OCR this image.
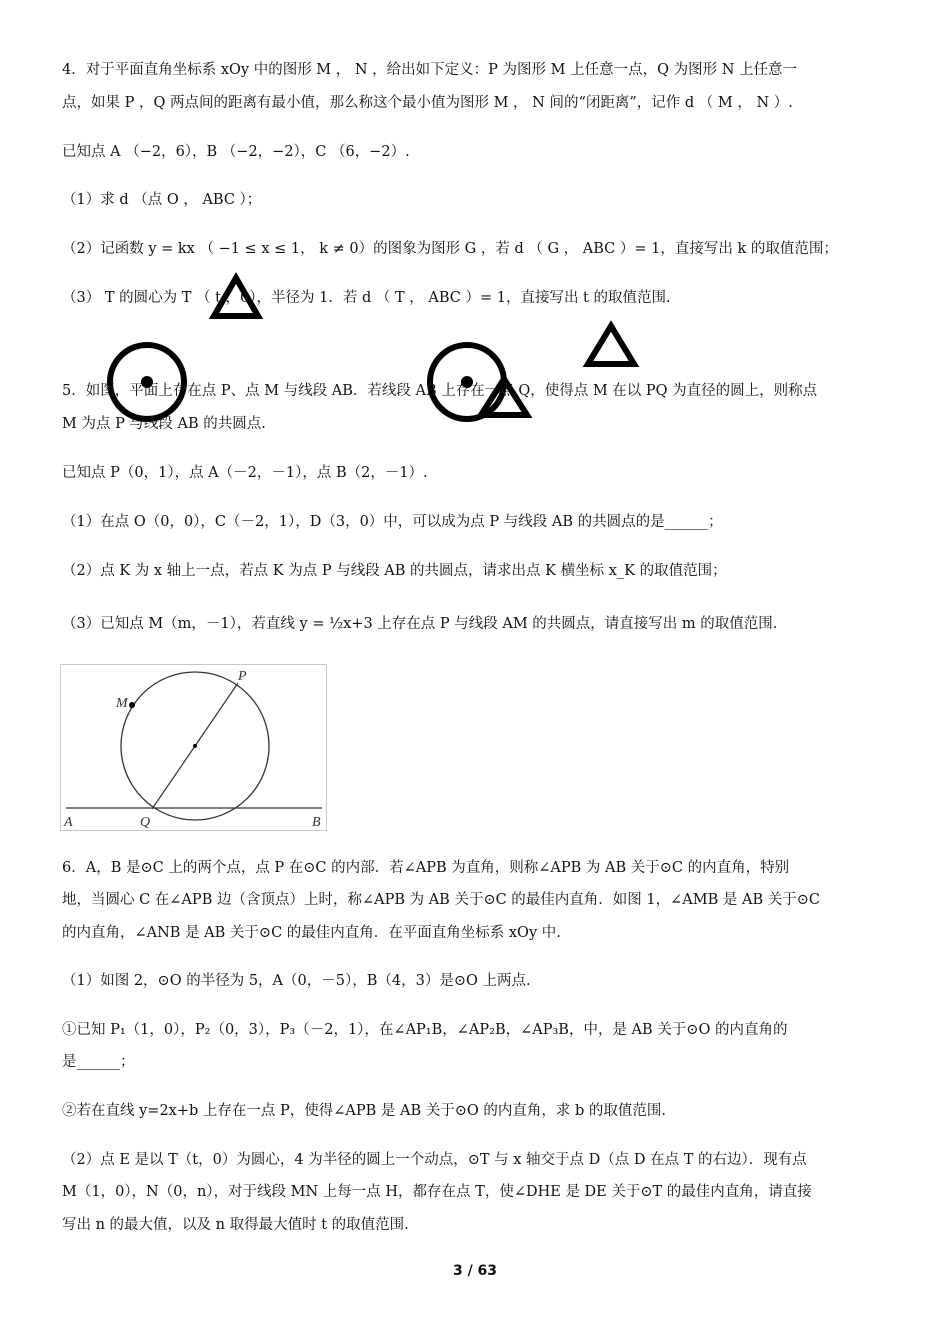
4．对于平面直角坐标系 xOy 中的图形 M ， N ，给出如下定义：P 为图形 M 上任意一点，Q 为图形 N 上任意一
点，如果 P ，Q 两点间的距离有最小值，那么称这个最小值为图形 M ， N 间的“闭距离”，记作 d （ M ， N ）.
已知点 A （−2，6），B （−2，−2），C （6，−2）.
（1）求 d （点 O ， ABC ）；
（2）记函数 y = kx （ −1 ≤ x ≤ 1， k ≠ 0）的图象为图形 G ，若 d （ G ， ABC ）= 1，直接写出 k 的取值范围；
（3） T 的圆心为 T （ t ，0），半径为 1．若 d （ T ， ABC ）= 1，直接写出 t 的取值范围.
5．如图，平面上存在点 P、点 M 与线段 AB．若线段 AB 上存在一点 Q，使得点 M 在以 PQ 为直径的圆上，则称点
M 为点 P 与线段 AB 的共圆点.
已知点 P（0，1），点 A（－2，－1），点 B（2，－1）.
（1）在点 O（0，0），C（－2，1），D（3，0）中，可以成为点 P 与线段 AB 的共圆点的是______；
（2）点 K 为 x 轴上一点，若点 K 为点 P 与线段 AB 的共圆点，请求出点 K 横坐标 x_K 的取值范围；
（3）已知点 M（m，－1），若直线 y = ½x+3 上存在点 P 与线段 AM 的共圆点，请直接写出 m 的取值范围.
P
M
Q
A	B
6．A，B 是⊙C 上的两个点，点 P 在⊙C 的内部．若∠APB 为直角，则称∠APB 为 AB 关于⊙C 的内直角，特别
地，当圆心 C 在∠APB 边（含顶点）上时，称∠APB 为 AB 关于⊙C 的最佳内直角．如图 1，∠AMB 是 AB 关于⊙C
的内直角，∠ANB 是 AB 关于⊙C 的最佳内直角．在平面直角坐标系 xOy 中.
（1）如图 2，⊙O 的半径为 5，A（0，－5），B（4，3）是⊙O 上两点.
①已知 P₁（1，0），P₂（0，3），P₃（－2，1），在∠AP₁B，∠AP₂B，∠AP₃B，中，是 AB 关于⊙O 的内直角的
是______；
②若在直线 y=2x+b 上存在一点 P，使得∠APB 是 AB 关于⊙O 的内直角，求 b 的取值范围.
（2）点 E 是以 T（t，0）为圆心，4 为半径的圆上一个动点，⊙T 与 x 轴交于点 D（点 D 在点 T 的右边）．现有点
M（1，0），N（0，n），对于线段 MN 上每一点 H，都存在点 T，使∠DHE 是 DE 关于⊙T 的最佳内直角，请直接
写出 n 的最大值，以及 n 取得最大值时 t 的取值范围.
3 / 63
